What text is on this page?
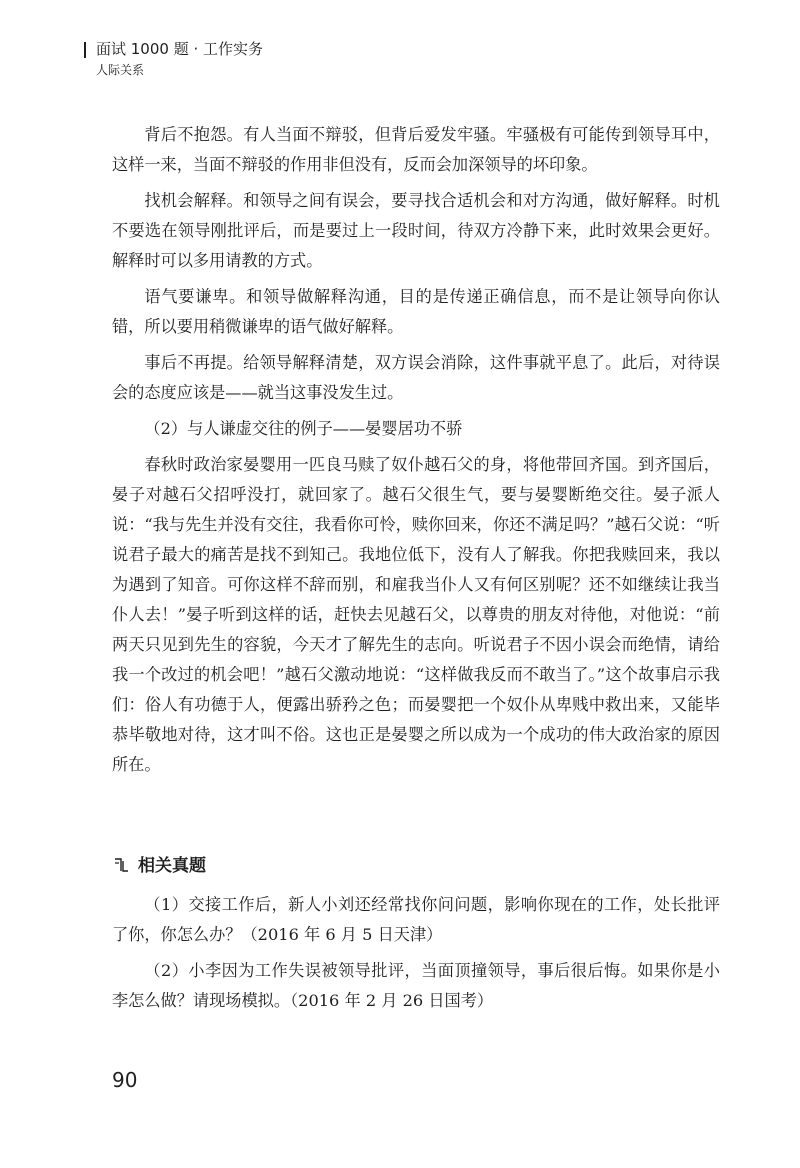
面试 1000 题 · 工作实务
人际关系

背后不抱怨。有人当面不辩驳，但背后爱发牢骚。牢骚极有可能传到领导耳中，这样一来，当面不辩驳的作用非但没有，反而会加深领导的坏印象。

找机会解释。和领导之间有误会，要寻找合适机会和对方沟通，做好解释。时机不要选在领导刚批评后，而是要过上一段时间，待双方冷静下来，此时效果会更好。解释时可以多用请教的方式。

语气要谦卑。和领导做解释沟通，目的是传递正确信息，而不是让领导向你认错，所以要用稍微谦卑的语气做好解释。

事后不再提。给领导解释清楚，双方误会消除，这件事就平息了。此后，对待误会的态度应该是——就当这事没发生过。

（2）与人谦虚交往的例子——晏婴居功不骄

春秋时政治家晏婴用一匹良马赎了奴仆越石父的身，将他带回齐国。到齐国后，晏子对越石父招呼没打，就回家了。越石父很生气，要与晏婴断绝交往。晏子派人说：“我与先生并没有交往，我看你可怜，赎你回来，你还不满足吗？”越石父说：“听说君子最大的痛苦是找不到知己。我地位低下，没有人了解我。你把我赎回来，我以为遇到了知音。可你这样不辞而别，和雇我当仆人又有何区别呢？还不如继续让我当仆人去！”晏子听到这样的话，赶快去见越石父，以尊贵的朋友对待他，对他说：“前两天只见到先生的容貌，今天才了解先生的志向。听说君子不因小误会而绝情，请给我一个改过的机会吧！”越石父激动地说：“这样做我反而不敢当了。”这个故事启示我们：俗人有功德于人，便露出骄矜之色；而晏婴把一个奴仆从卑贱中救出来，又能毕恭毕敬地对待，这才叫不俗。这也正是晏婴之所以成为一个成功的伟大政治家的原因所在。

相关真题

（1）交接工作后，新人小刘还经常找你问问题，影响你现在的工作，处长批评了你，你怎么办？（2016 年 6 月 5 日天津）

（2）小李因为工作失误被领导批评，当面顶撞领导，事后很后悔。如果你是小李怎么做？请现场模拟。（2016 年 2 月 26 日国考）

90
